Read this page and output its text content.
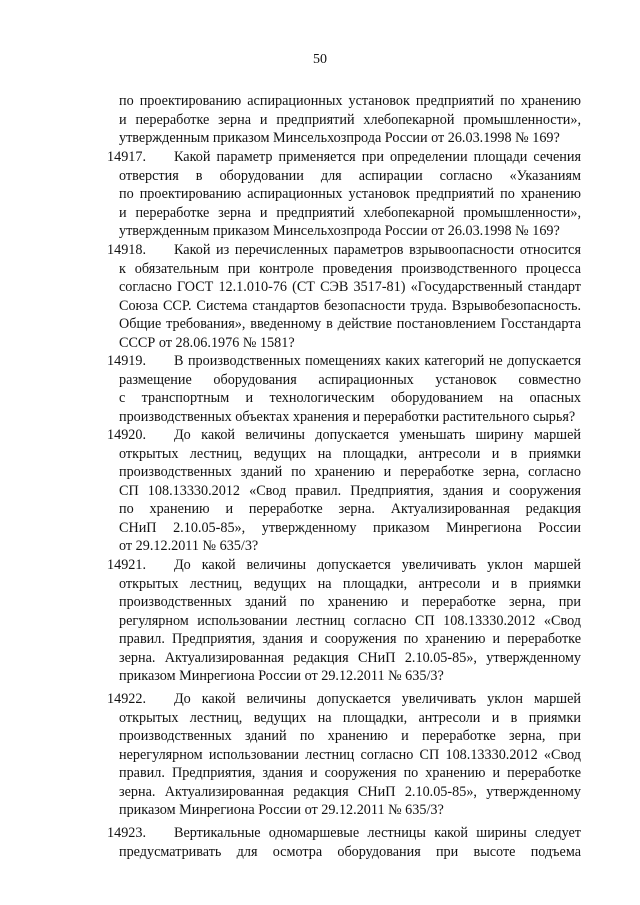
50
по проектированию аспирационных установок предприятий по хранению
и переработке зерна и предприятий хлебопекарной промышленности»,
утвержденным приказом Минсельхозпрода России от 26.03.1998 № 169?
14917. Какой параметр применяется при определении площади сечения
отверстия в оборудовании для аспирации согласно «Указаниям
по проектированию аспирационных установок предприятий по хранению
и переработке зерна и предприятий хлебопекарной промышленности»,
утвержденным приказом Минсельхозпрода России от 26.03.1998 № 169?
14918. Какой из перечисленных параметров взрывоопасности относится
к обязательным при контроле проведения производственного процесса
согласно ГОСТ 12.1.010-76 (СТ СЭВ 3517-81) «Государственный стандарт
Союза ССР. Система стандартов безопасности труда. Взрывобезопасность.
Общие требования», введенному в действие постановлением Госстандарта
СССР от 28.06.1976 № 1581?
14919. В производственных помещениях каких категорий не допускается
размещение оборудования аспирационных установок совместно
с транспортным и технологическим оборудованием на опасных
производственных объектах хранения и переработки растительного сырья?
14920. До какой величины допускается уменьшать ширину маршей
открытых лестниц, ведущих на площадки, антресоли и в приямки
производственных зданий по хранению и переработке зерна, согласно
СП 108.13330.2012 «Свод правил. Предприятия, здания и сооружения
по хранению и переработке зерна. Актуализированная редакция
СНиП 2.10.05-85», утвержденному приказом Минрегиона России
от 29.12.2011 № 635/3?
14921. До какой величины допускается увеличивать уклон маршей
открытых лестниц, ведущих на площадки, антресоли и в приямки
производственных зданий по хранению и переработке зерна, при
регулярном использовании лестниц согласно СП 108.13330.2012 «Свод
правил. Предприятия, здания и сооружения по хранению и переработке
зерна. Актуализированная редакция СНиП 2.10.05-85», утвержденному
приказом Минрегиона России от 29.12.2011 № 635/3?
14922. До какой величины допускается увеличивать уклон маршей
открытых лестниц, ведущих на площадки, антресоли и в приямки
производственных зданий по хранению и переработке зерна, при
нерегулярном использовании лестниц согласно СП 108.13330.2012 «Свод
правил. Предприятия, здания и сооружения по хранению и переработке
зерна. Актуализированная редакция СНиП 2.10.05-85», утвержденному
приказом Минрегиона России от 29.12.2011 № 635/3?
14923. Вертикальные одномаршевые лестницы какой ширины следует
предусматривать для осмотра оборудования при высоте подъема
